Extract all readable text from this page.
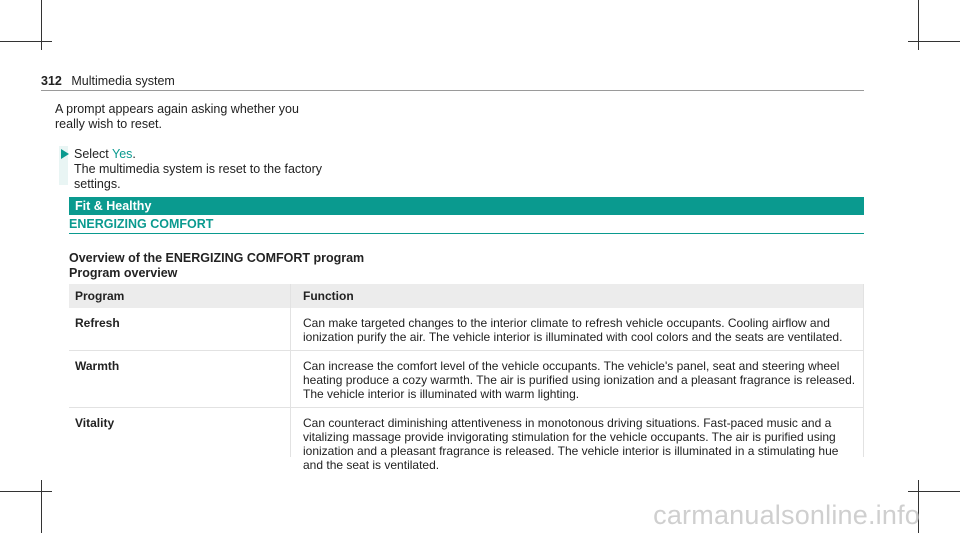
312 Multimedia system
A prompt appears again asking whether you really wish to reset.
Select Yes.
The multimedia system is reset to the factory settings.
Fit & Healthy
ENERGIZING COMFORT
Overview of the ENERGIZING COMFORT program
Program overview
Program	Function
Refresh	Can make targeted changes to the interior climate to refresh vehicle occupants. Cooling airflow and ionization purify the air. The vehicle interior is illuminated with cool colors and the seats are ventilated.
Warmth	Can increase the comfort level of the vehicle occupants. The vehicle's panel, seat and steering wheel heating produce a cozy warmth. The air is purified using ionization and a pleasant fragrance is released. The vehicle interior is illuminated with warm lighting.
Vitality	Can counteract diminishing attentiveness in monotonous driving situations. Fast-paced music and a vitalizing massage provide invigorating stimulation for the vehicle occupants. The air is purified using ionization and a pleasant fragrance is released. The vehicle interior is illuminated in a stimulating hue and the seat is ventilated.
carmanualsonline.info
